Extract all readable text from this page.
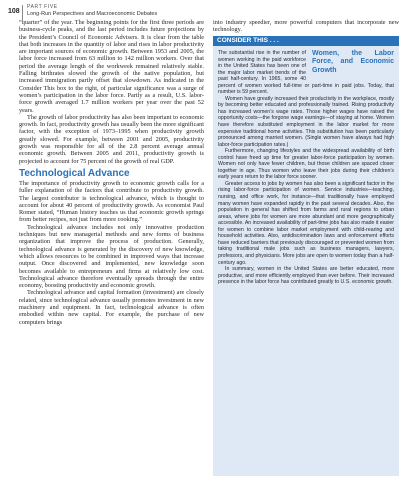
108
PART FIVE
Long-Run Perspectives and Macroeconomic Debates

“quarter” of the year. The beginning points for the first three periods are business-cycle peaks, and the last period includes future projections by the President’s Council of Economic Advisers. It is clear from the table that both increases in the quantity of labor and rises in labor productivity are important sources of economic growth. Between 1953 and 2005, the labor force increased from 63 million to 142 million workers. Over that period the average length of the workweek remained relatively stable. Falling birthrates slowed the growth of the native population, but increased immigration partly offset that slowdown. As indicated in the Consider This box to the right, of particular significance was a surge of women’s participation in the labor force. Partly as a result, U.S. labor-force growth averaged 1.7 million workers per year over the past 52 years.

The growth of labor productivity has also been important to economic growth. In fact, productivity growth has usually been the more significant factor, with the exception of 1973–1995 when productivity growth greatly slowed. For example, between 2001 and 2005, productivity growth was responsible for all of the 2.8 percent average annual economic growth. Between 2005 and 2011, productivity growth is projected to account for 75 percent of the growth of real GDP.

Technological Advance

The importance of productivity growth to economic growth calls for a fuller explanation of the factors that contribute to productivity growth. The largest contributor is technological advance, which is thought to account for about 40 percent of productivity growth. As economist Paul Romer stated, “Human history teaches us that economic growth springs from better recipes, not just from more cooking.”

Technological advance includes not only innovative production techniques but new managerial methods and new forms of business organization that improve the process of production. Generally, technological advance is generated by the discovery of new knowledge, which allows resources to be combined in improved ways that increase output. Once discovered and implemented, new knowledge soon becomes available to entrepreneurs and firms at relatively low cost. Technological advance therefore eventually spreads through the entire economy, boosting productivity and economic growth.

Technological advance and capital formation (investment) are closely related, since technological advance usually promotes investment in new machinery and equipment. In fact, technological advance is often embodied within new capital. For example, the purchase of new computers brings

into industry speedier, more powerful computers that incorporate new technology.

CONSIDER THIS . . .
Women, the Labor Force, and Economic Growth

The substantial rise in the number of women working in the paid workforce in the United States has been one of the major labor market trends of the past half-century. In 1965, some 40 percent of women worked full-time or part-time in paid jobs. Today, that number is 59 percent.

Women have greatly increased their productivity in the workplace, mostly by becoming better educated and professionally trained. Rising productivity has increased women’s wage rates. Those higher wages have raised the opportunity costs—the forgone wage earnings—of staying at home. Women have therefore substituted employment in the labor market for more expensive traditional home activities. This substitution has been particularly pronounced among married women. (Single women have always had high labor-force participation rates.)

Furthermore, changing lifestyles and the widespread availability of birth control have freed up time for greater labor-force participation by women. Women not only have fewer children, but those children are spaced closer together in age. Thus women who leave their jobs during their children’s early years return to the labor force sooner.

Greater access to jobs by women has also been a significant factor in the rising labor-force participation of women. Service industries—teaching, nursing, and office work, for instance—that traditionally have employed many women have expanded rapidly in the past several decades. Also, the population in general has shifted from farms and rural regions to urban areas, where jobs for women are more abundant and more geographically accessible. An increased availability of part-time jobs has also made it easier for women to combine labor market employment with child-rearing and household activities. Also, antidiscrimination laws and enforcement efforts have reduced barriers that previously discouraged or prevented women from taking traditional male jobs such as business managers, lawyers, professors, and physicians. More jobs are open to women today than a half-century ago.

In summary, women in the United States are better educated, more productive, and more efficiently employed than ever before. Their increased presence in the labor force has contributed greatly to U.S. economic growth.
